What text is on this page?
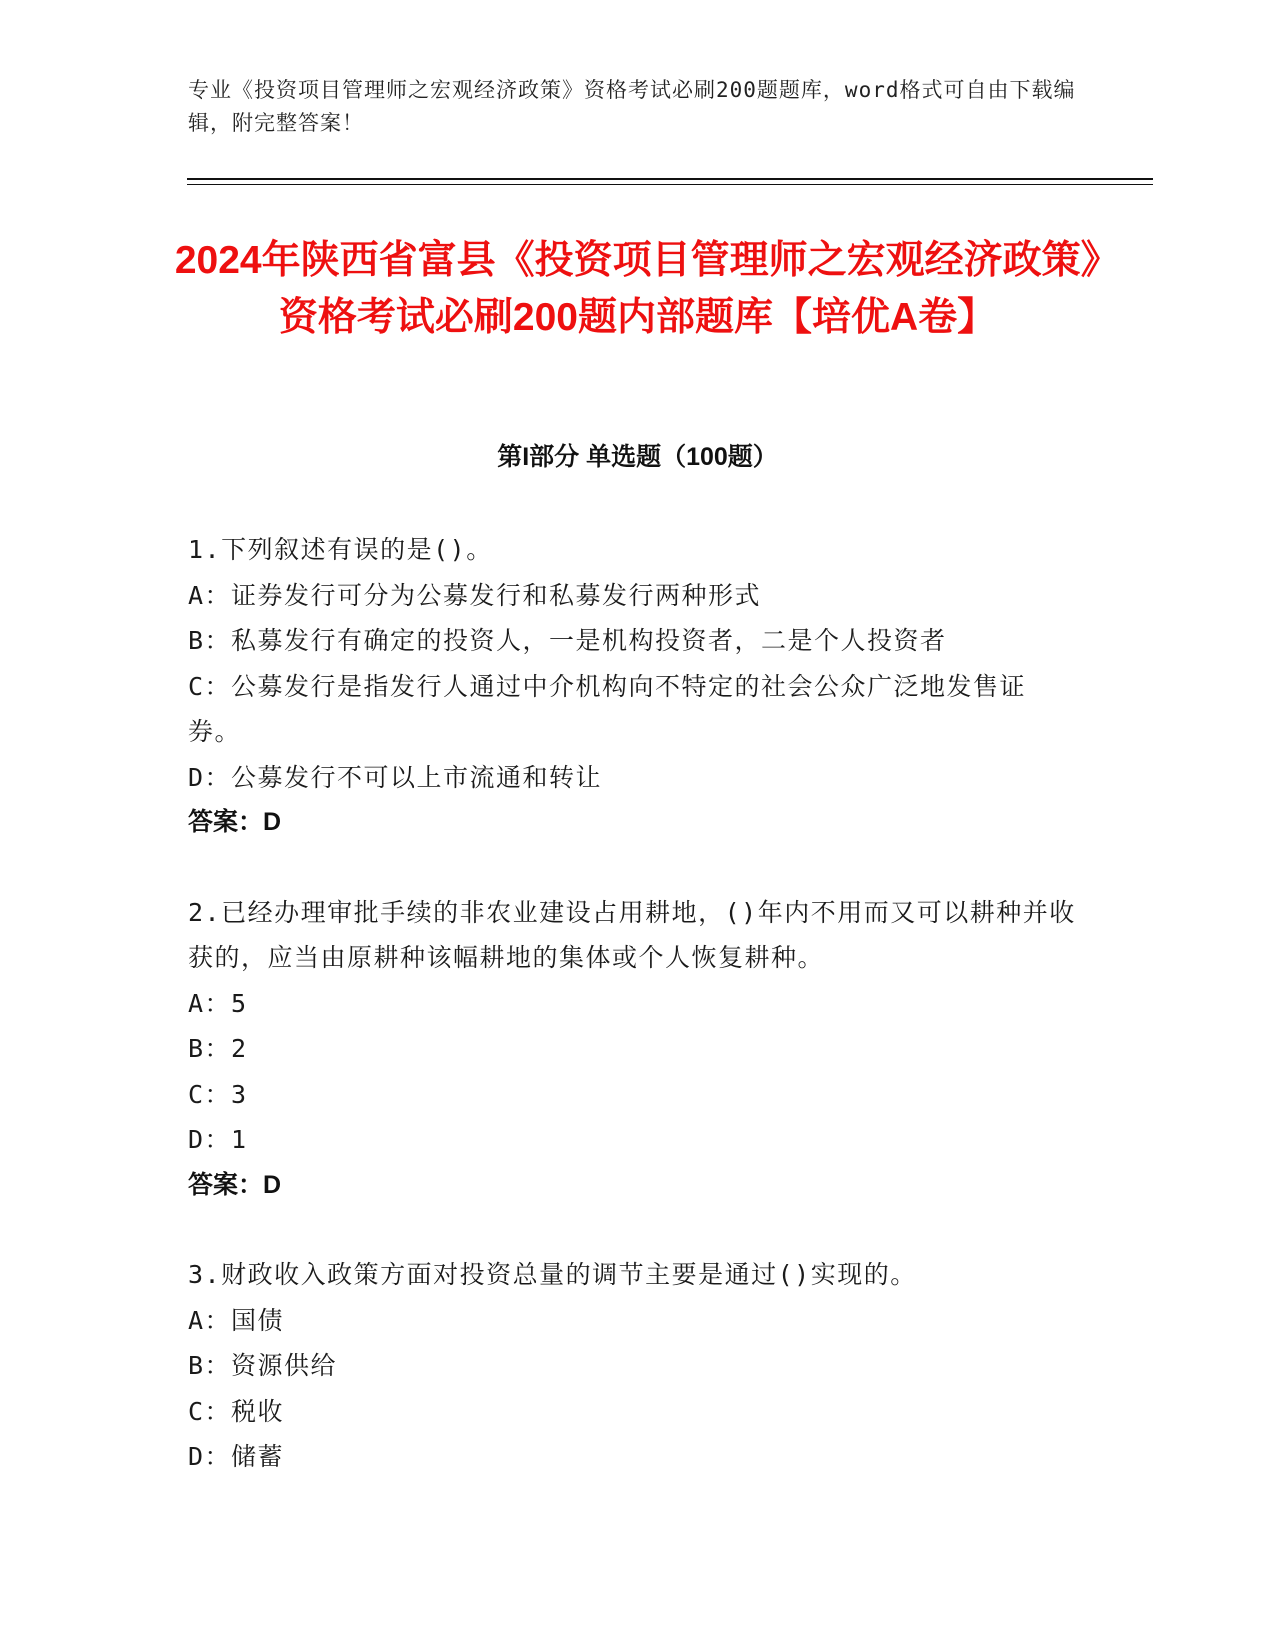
专业《投资项目管理师之宏观经济政策》资格考试必刷200题题库，word格式可自由下载编辑，附完整答案！
2024年陕西省富县《投资项目管理师之宏观经济政策》资格考试必刷200题内部题库【培优A卷】
第I部分 单选题（100题）

1.下列叙述有误的是()。

A：证券发行可分为公募发行和私募发行两种形式

B：私募发行有确定的投资人，一是机构投资者，二是个人投资者

C：公募发行是指发行人通过中介机构向不特定的社会公众广泛地发售证券。

D：公募发行不可以上市流通和转让

答案：D

2.已经办理审批手续的非农业建设占用耕地，()年内不用而又可以耕种并收获的，应当由原耕种该幅耕地的集体或个人恢复耕种。

A：5

B：2

C：3

D：1

答案：D

3.财政收入政策方面对投资总量的调节主要是通过()实现的。

A：国债

B：资源供给

C：税收

D：储蓄
